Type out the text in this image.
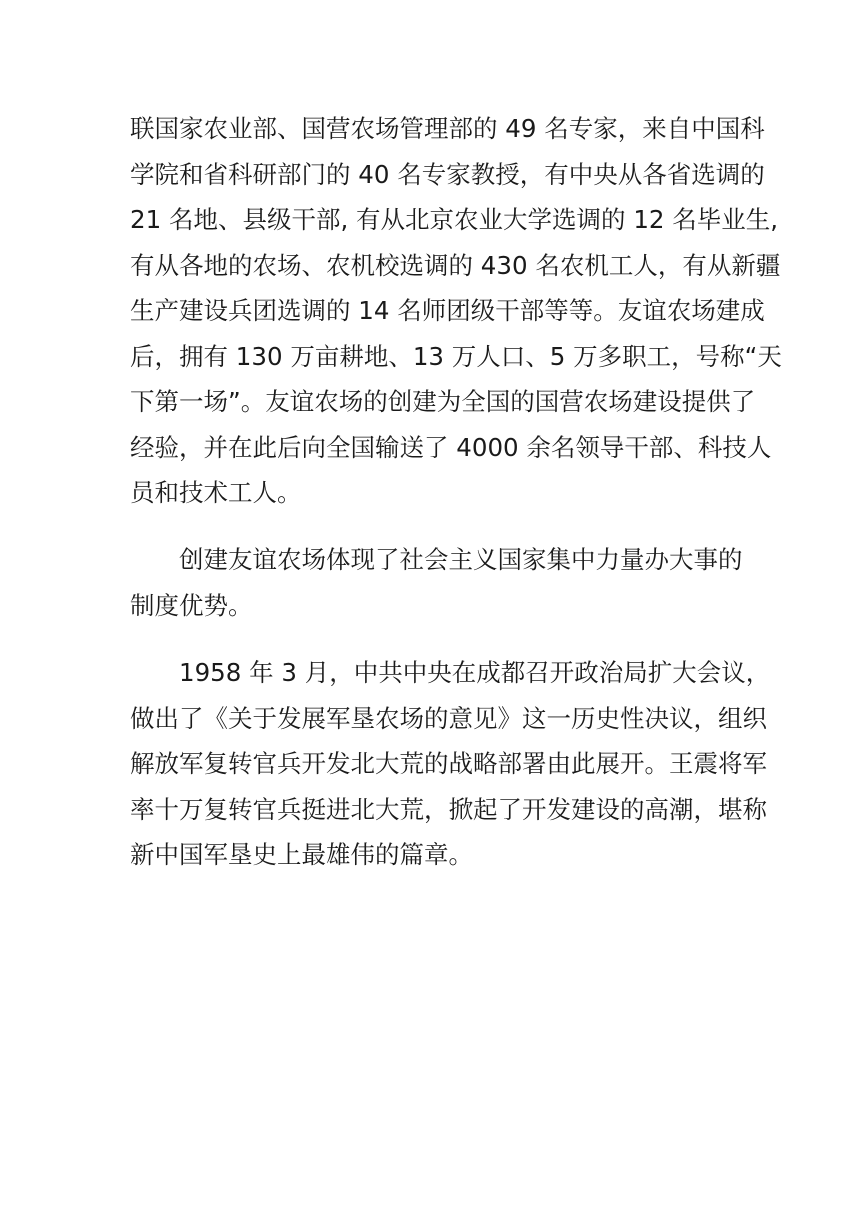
联国家农业部、国营农场管理部的 49 名专家，来自中国科
学院和省科研部门的 40 名专家教授，有中央从各省选调的
21 名地、县级干部, 有从北京农业大学选调的 12 名毕业生,
有从各地的农场、农机校选调的 430 名农机工人，有从新疆
生产建设兵团选调的 14 名师团级干部等等。友谊农场建成
后，拥有 130 万亩耕地、13 万人口、5 万多职工，号称“天
下第一场”。友谊农场的创建为全国的国营农场建设提供了
经验，并在此后向全国输送了 4000 余名领导干部、科技人
员和技术工人。

　　创建友谊农场体现了社会主义国家集中力量办大事的
制度优势。

　　1958 年 3 月，中共中央在成都召开政治局扩大会议，
做出了《关于发展军垦农场的意见》这一历史性决议，组织
解放军复转官兵开发北大荒的战略部署由此展开。王震将军
率十万复转官兵挺进北大荒，掀起了开发建设的高潮，堪称
新中国军垦史上最雄伟的篇章。
